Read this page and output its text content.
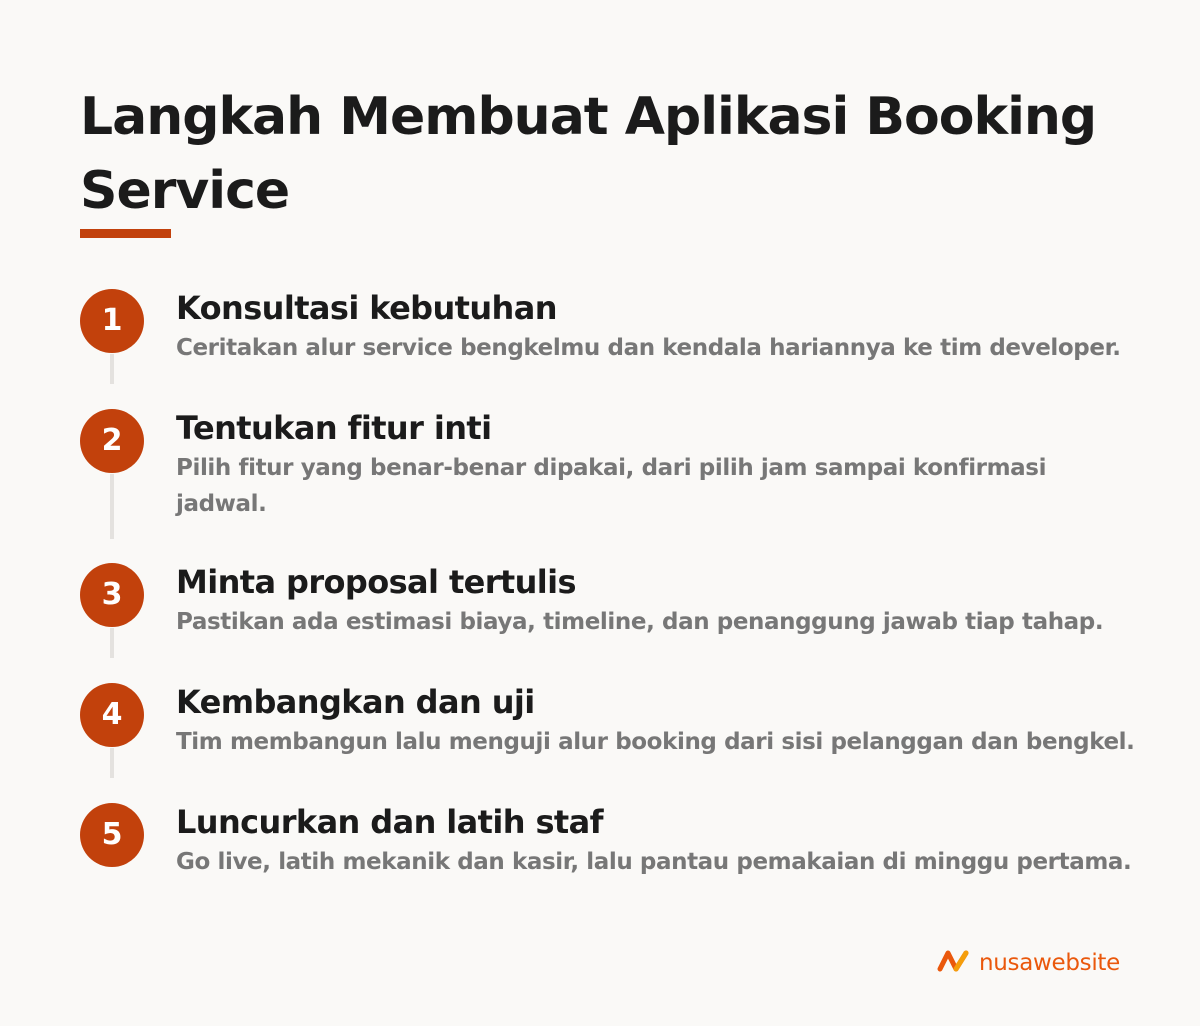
Langkah Membuat Aplikasi Booking Service
1	Konsultasi kebutuhan
Ceritakan alur service bengkelmu dan kendala hariannya ke tim developer.
2	Tentukan fitur inti
Pilih fitur yang benar-benar dipakai, dari pilih jam sampai konfirmasi jadwal.
3	Minta proposal tertulis
Pastikan ada estimasi biaya, timeline, dan penanggung jawab tiap tahap.
4	Kembangkan dan uji
Tim membangun lalu menguji alur booking dari sisi pelanggan dan bengkel.
5	Luncurkan dan latih staf
Go live, latih mekanik dan kasir, lalu pantau pemakaian di minggu pertama.
nusawebsite
